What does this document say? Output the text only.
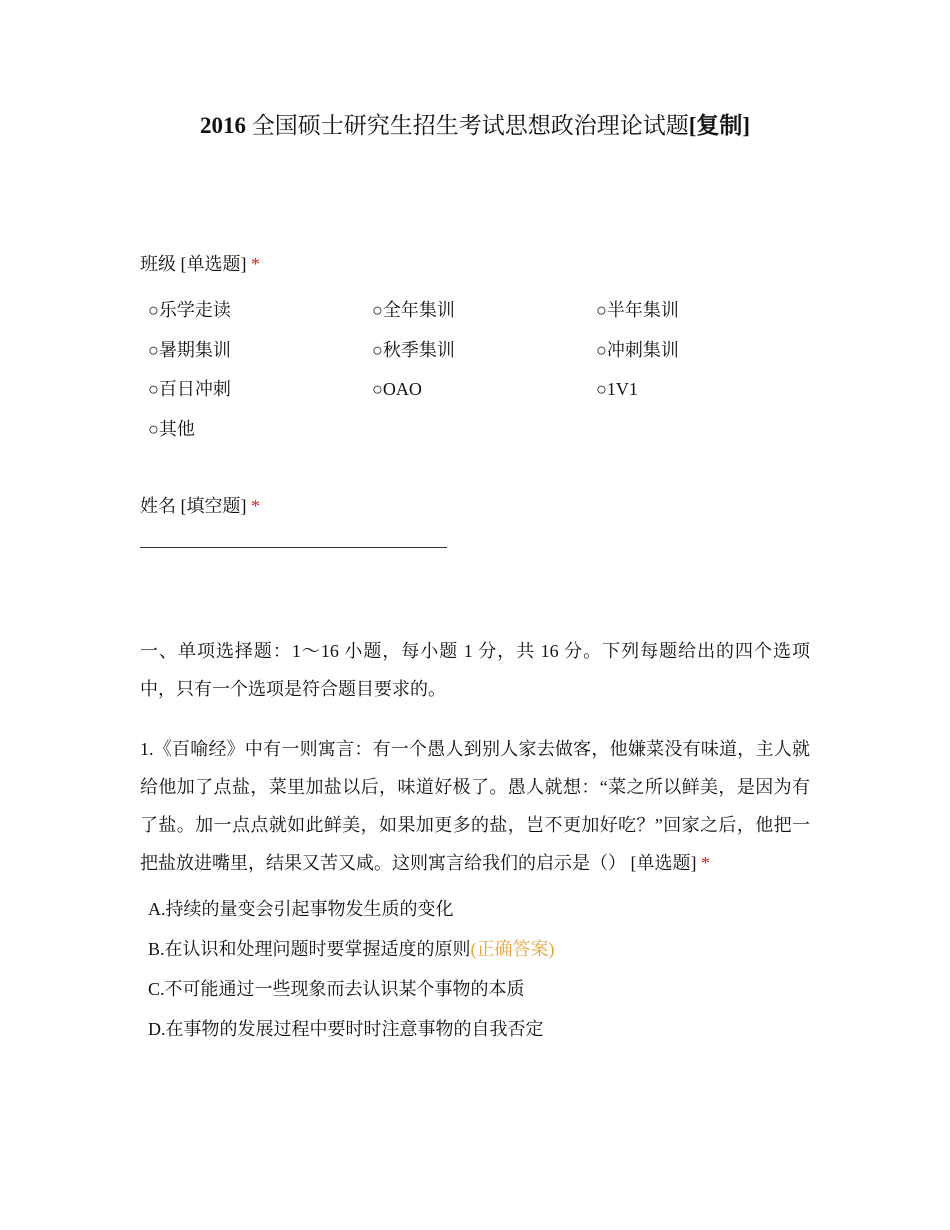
2016 全国硕士研究生招生考试思想政治理论试题[复制]
班级 [单选题] *
○乐学走读	○全年集训	○半年集训
○暑期集训	○秋季集训	○冲刺集训
○百日冲刺	○OAO	○1V1
○其他
姓名 [填空题] *
一、单项选择题：1～16 小题，每小题 1 分，共 16 分。下列每题给出的四个选项中，只有一个选项是符合题目要求的。
1.《百喻经》中有一则寓言：有一个愚人到别人家去做客，他嫌菜没有味道，主人就给他加了点盐，菜里加盐以后，味道好极了。愚人就想：“菜之所以鲜美，是因为有了盐。加一点点就如此鲜美，如果加更多的盐，岂不更加好吃？”回家之后，他把一把盐放进嘴里，结果又苦又咸。这则寓言给我们的启示是（） [单选题] *
A.持续的量变会引起事物发生质的变化
B.在认识和处理问题时要掌握适度的原则(正确答案)
C.不可能通过一些现象而去认识某个事物的本质
D.在事物的发展过程中要时时注意事物的自我否定
